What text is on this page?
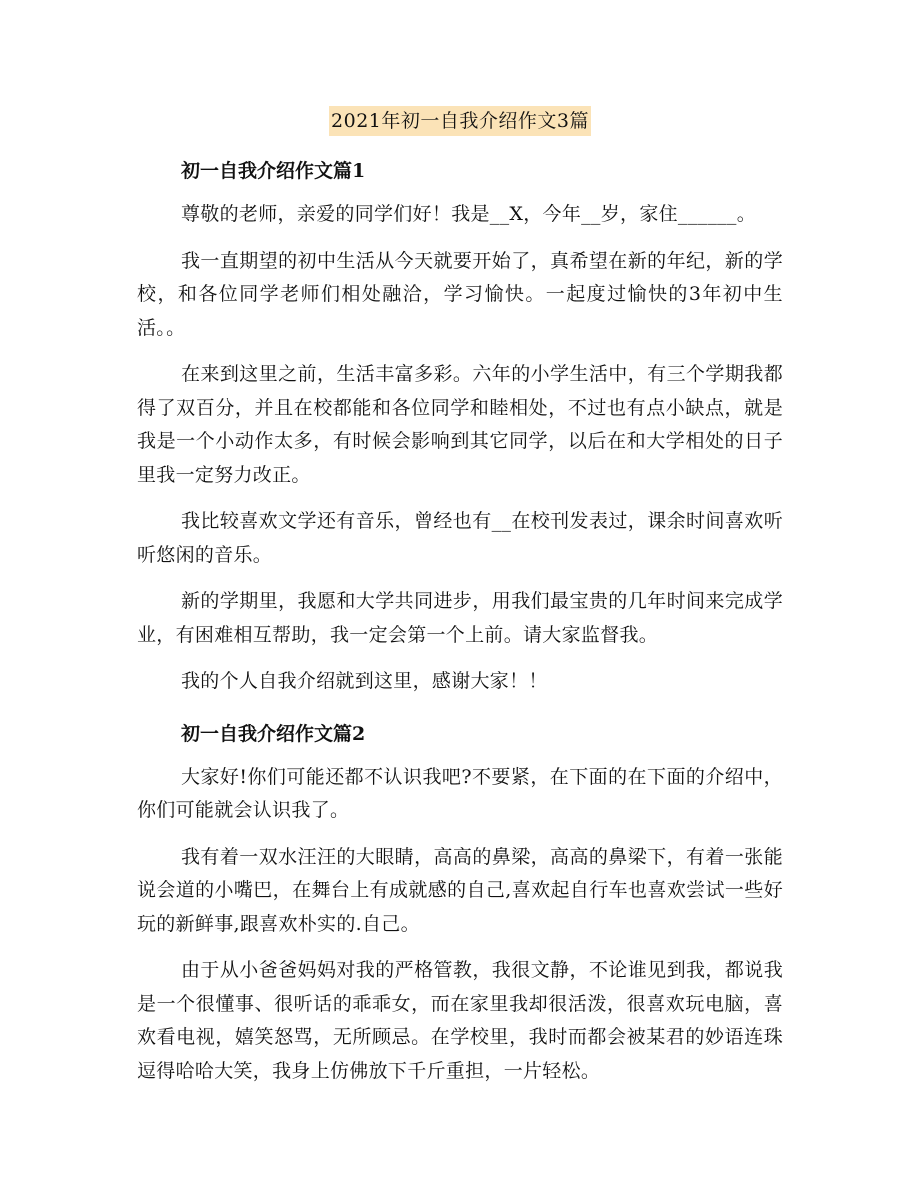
2021年初一自我介绍作文3篇
初一自我介绍作文篇1

尊敬的老师，亲爱的同学们好！我是__X，今年__岁，家住______。

我一直期望的初中生活从今天就要开始了，真希望在新的年纪，新的学校，和各位同学老师们相处融洽，学习愉快。一起度过愉快的3年初中生活。。

在来到这里之前，生活丰富多彩。六年的小学生活中，有三个学期我都得了双百分，并且在校都能和各位同学和睦相处，不过也有点小缺点，就是我是一个小动作太多，有时候会影响到其它同学，以后在和大学相处的日子里我一定努力改正。

我比较喜欢文学还有音乐，曾经也有__在校刊发表过，课余时间喜欢听听悠闲的音乐。

新的学期里，我愿和大学共同进步，用我们最宝贵的几年时间来完成学业，有困难相互帮助，我一定会第一个上前。请大家监督我。

我的个人自我介绍就到这里，感谢大家！！

初一自我介绍作文篇2

大家好!你们可能还都不认识我吧?不要紧，在下面的在下面的介绍中，你们可能就会认识我了。

我有着一双水汪汪的大眼睛，高高的鼻梁，高高的鼻梁下，有着一张能说会道的小嘴巴，在舞台上有成就感的自己,喜欢起自行车也喜欢尝试一些好玩的新鲜事,跟喜欢朴实的.自己。

由于从小爸爸妈妈对我的严格管教，我很文静，不论谁见到我，都说我是一个很懂事、很听话的乖乖女，而在家里我却很活泼，很喜欢玩电脑，喜欢看电视，嬉笑怒骂，无所顾忌。在学校里，我时而都会被某君的妙语连珠逗得哈哈大笑，我身上仿佛放下千斤重担，一片轻松。
